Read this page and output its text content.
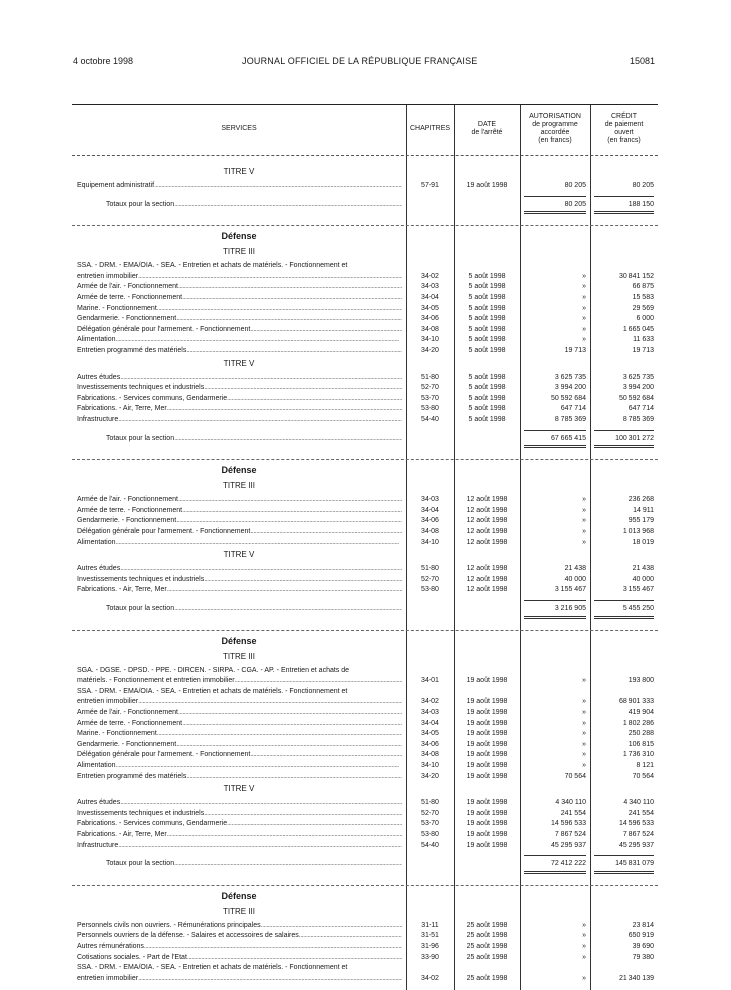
4 octobre 1998	JOURNAL OFFICIEL DE LA RÉPUBLIQUE FRANÇAISE	15081
SERVICES	CHAPITRES
DATE
de l'arrêté
AUTORISATION
de programme
accordée
(en francs)
CRÉDIT
de paiement
ouvert
(en francs)
TITRE V
Equipement administratif .....	57-91	19 août 1998	80 205	80 205
Totaux pour la section .....	80 205	188 150
Défense
TITRE III
SSA. - DRM. - EMA/OIA. - SEA. - Entretien et achats de matériels. - Fonctionnement et
entretien immobilier .....	34-02	5 août 1998	»	30 841 152
Armée de l'air. - Fonctionnement .....	34-03	5 août 1998	»	66 875
Armée de terre. - Fonctionnement .....	34-04	5 août 1998	»	15 583
Marine. - Fonctionnement .....	34-05	5 août 1998	»	29 569
Gendarmerie. - Fonctionnement .....	34-06	5 août 1998	»	6 000
Délégation générale pour l'armement. - Fonctionnement .....	34-08	5 août 1998	»	1 665 045
Alimentation .....	34-10	5 août 1998	»	11 633
Entretien programmé des matériels .....	34-20	5 août 1998	19 713	19 713
TITRE V
Autres études .....	51-80	5 août 1998	3 625 735	3 625 735
Investissements techniques et industriels .....	52-70	5 août 1998	3 994 200	3 994 200
Fabrications. - Services communs, Gendarmerie .....	53-70	5 août 1998	50 592 684	50 592 684
Fabrications. - Air, Terre, Mer .....	53-80	5 août 1998	647 714	647 714
Infrastructure .....	54-40	5 août 1998	8 785 369	8 785 369
Totaux pour la section .....	67 665 415	100 301 272
Défense
TITRE III
Armée de l'air. - Fonctionnement .....	34-03	12 août 1998	»	236 268
Armée de terre. - Fonctionnement .....	34-04	12 août 1998	»	14 911
Gendarmerie. - Fonctionnement .....	34-06	12 août 1998	»	955 179
Délégation générale pour l'armement. - Fonctionnement .....	34-08	12 août 1998	»	1 013 968
Alimentation .....	34-10	12 août 1998	»	18 019
TITRE V
Autres études .....	51-80	12 août 1998	21 438	21 438
Investissements techniques et industriels .....	52-70	12 août 1998	40 000	40 000
Fabrications. - Air, Terre, Mer .....	53-80	12 août 1998	3 155 467	3 155 467
Totaux pour la section .....	3 216 905	5 455 250
Défense
TITRE III
SGA. - DGSE. - DPSD. - PPE. - DIRCEN. - SIRPA. - CGA. - AP. - Entretien et achats de
matériels. - Fonctionnement et entretien immobilier .....	34-01	19 août 1998	»	193 800
SSA. - DRM. - EMA/OIA. - SEA. - Entretien et achats de matériels. - Fonctionnement et
entretien immobilier .....	34-02	19 août 1998	»	68 901 333
Armée de l'air. - Fonctionnement .....	34-03	19 août 1998	»	419 904
Armée de terre. - Fonctionnement .....	34-04	19 août 1998	»	1 802 286
Marine. - Fonctionnement .....	34-05	19 août 1998	»	250 288
Gendarmerie. - Fonctionnement .....	34-06	19 août 1998	»	106 815
Délégation générale pour l'armement. - Fonctionnement .....	34-08	19 août 1998	»	1 736 310
Alimentation .....	34-10	19 août 1998	»	8 121
Entretien programmé des matériels .....	34-20	19 août 1998	70 564	70 564
TITRE V
Autres études .....	51-80	19 août 1998	4 340 110	4 340 110
Investissements techniques et industriels .....	52-70	19 août 1998	241 554	241 554
Fabrications. - Services communs, Gendarmerie .....	53-70	19 août 1998	14 596 533	14 596 533
Fabrications. - Air, Terre, Mer .....	53-80	19 août 1998	7 867 524	7 867 524
Infrastructure .....	54-40	19 août 1998	45 295 937	45 295 937
Totaux pour la section .....	72 412 222	145 831 079
Défense
TITRE III
Personnels civils non ouvriers. - Rémunérations principales .....	31-11	25 août 1998	»	23 814
Personnels ouvriers de la défense. - Salaires et accessoires de salaires .....	31-51	25 août 1998	»	650 919
Autres rémunérations .....	31-96	25 août 1998	»	39 690
Cotisations sociales. - Part de l'Etat .....	33-90	25 août 1998	»	79 380
SSA. - DRM. - EMA/OIA. - SEA. - Entretien et achats de matériels. - Fonctionnement et
entretien immobilier .....	34-02	25 août 1998	»	21 340 139
